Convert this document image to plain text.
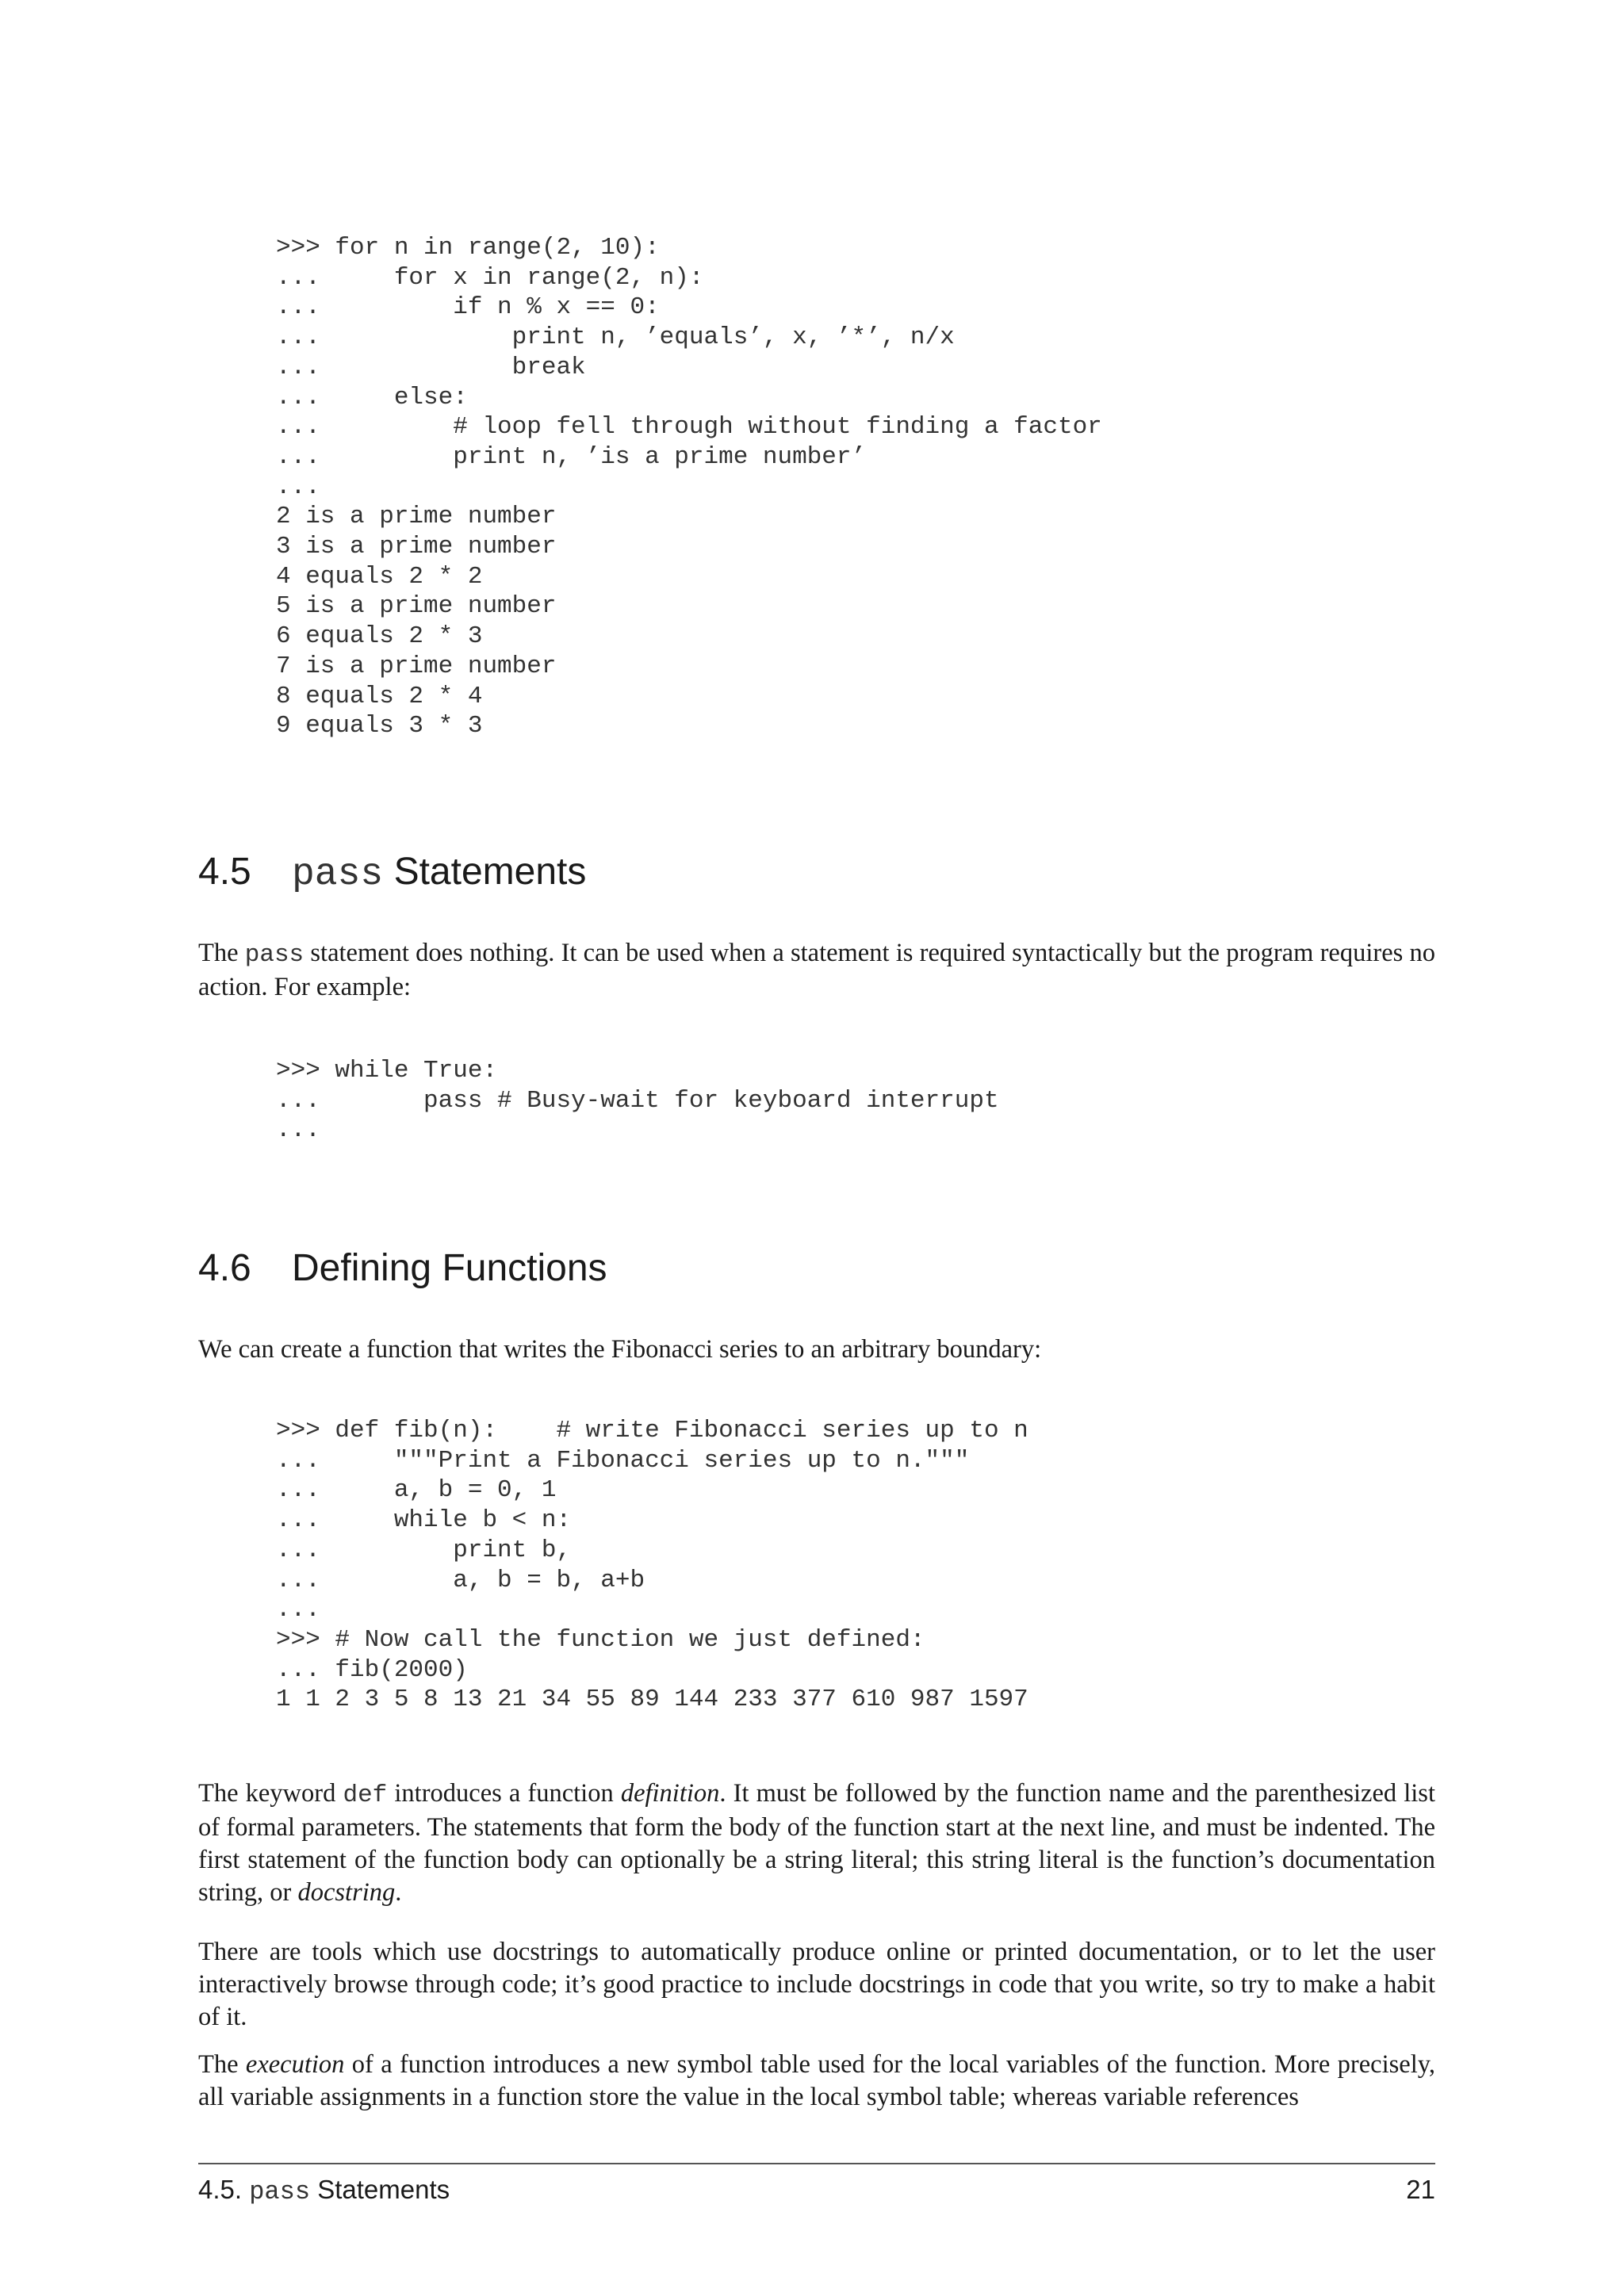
>>> for n in range(2, 10):
...     for x in range(2, n):
...         if n % x == 0:
...             print n, ’equals’, x, ’*’, n/x
...             break
...     else:
...         # loop fell through without finding a factor
...         print n, ’is a prime number’
...
2 is a prime number
3 is a prime number
4 equals 2 * 2
5 is a prime number
6 equals 2 * 3
7 is a prime number
8 equals 2 * 4
9 equals 3 * 3
4.5 pass Statements

The pass statement does nothing. It can be used when a statement is required syntactically but the program requires no action. For example:

>>> while True:
...       pass # Busy-wait for keyboard interrupt
...
4.6 Defining Functions

We can create a function that writes the Fibonacci series to an arbitrary boundary:

>>> def fib(n):    # write Fibonacci series up to n
...     """Print a Fibonacci series up to n."""
...     a, b = 0, 1
...     while b < n:
...         print b,
...         a, b = b, a+b
...
>>> # Now call the function we just defined:
... fib(2000)
1 1 2 3 5 8 13 21 34 55 89 144 233 377 610 987 1597

The keyword def introduces a function definition. It must be followed by the function name and the parenthesized list of formal parameters. The statements that form the body of the function start at the next line, and must be indented. The first statement of the function body can optionally be a string literal; this string literal is the function’s documentation string, or docstring.

There are tools which use docstrings to automatically produce online or printed documentation, or to let the user interactively browse through code; it’s good practice to include docstrings in code that you write, so try to make a habit of it.

The execution of a function introduces a new symbol table used for the local variables of the function. More precisely, all variable assignments in a function store the value in the local symbol table; whereas variable references

4.5. pass Statements	21
